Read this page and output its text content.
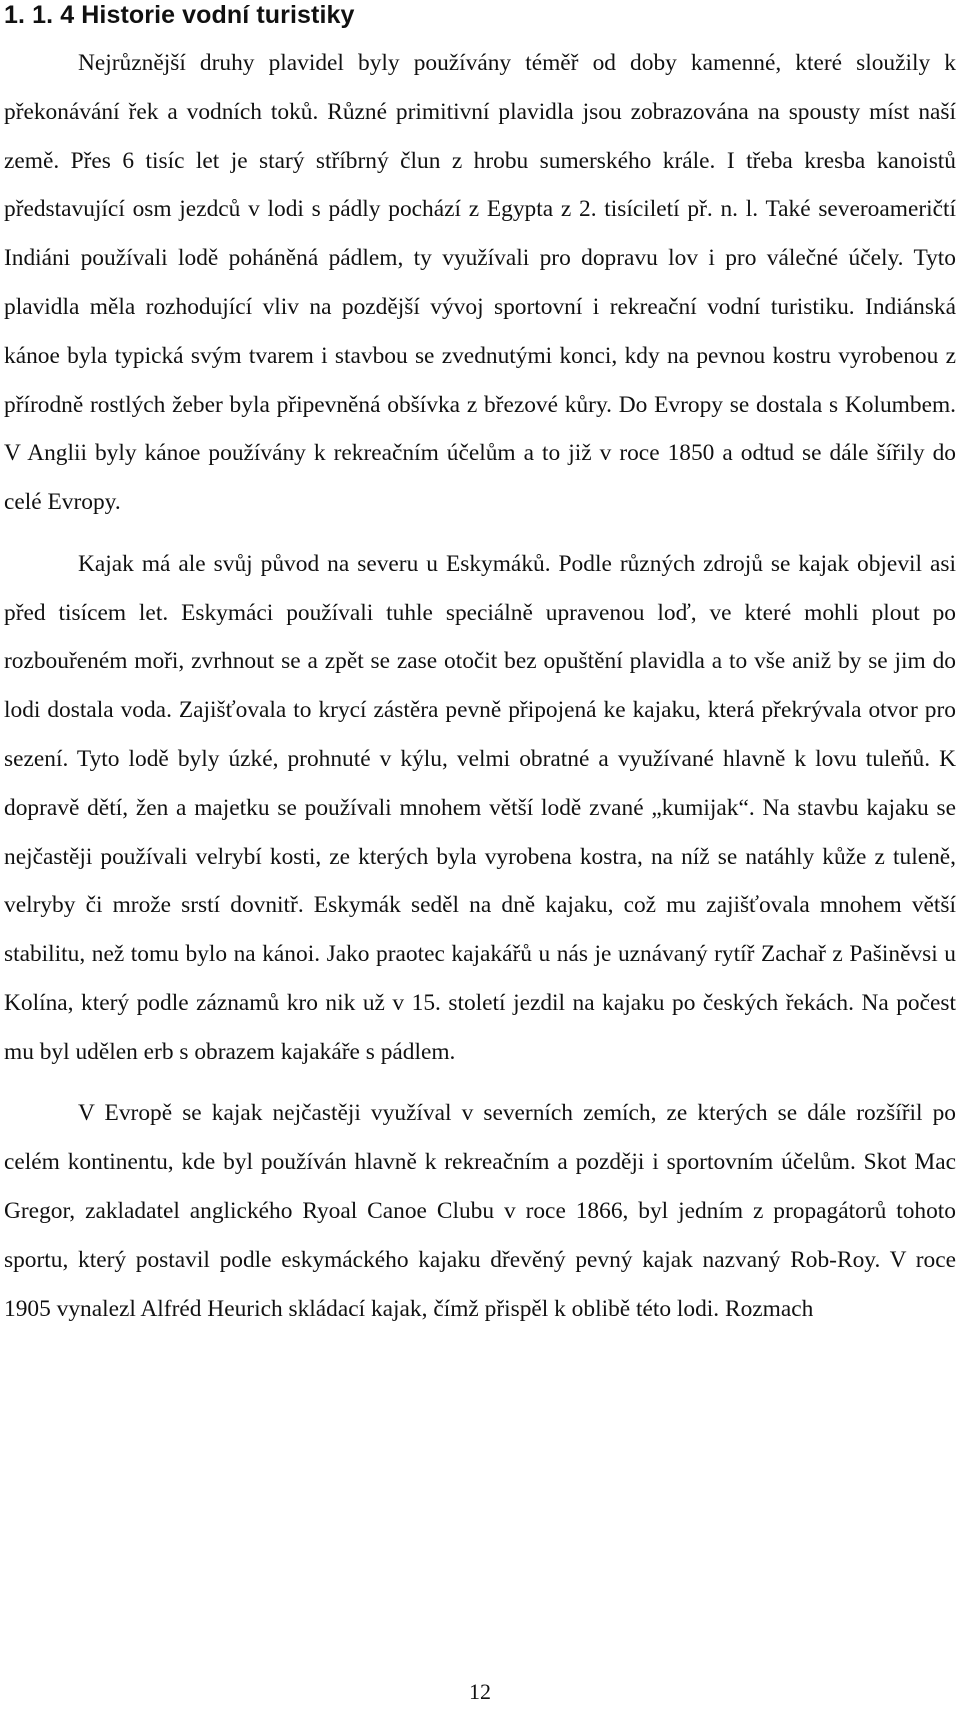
1. 1. 4 Historie vodní turistiky

Nejrůznější druhy plavidel byly používány téměř od doby kamenné, které sloužily k překonávání řek a vodních toků. Různé primitivní plavidla jsou zobrazována na spousty míst naší země. Přes 6 tisíc let je starý stříbrný člun z hrobu sumerského krále. I třeba kresba kanoistů představující osm jezdců v lodi s pádly pochází z Egypta z 2. tisíciletí př. n. l. Také severoameričtí Indiáni používali lodě poháněná pádlem, ty využívali pro dopravu lov i pro válečné účely. Tyto plavidla měla rozhodující vliv na pozdější vývoj sportovní i rekreační vodní turistiku. Indiánská kánoe byla typická svým tvarem i stavbou se zvednutými konci, kdy na pevnou kostru vyrobenou z přírodně rostlých žeber byla připevněná obšívka z březové kůry. Do Evropy se dostala s Kolumbem. V Anglii byly kánoe používány k rekreačním účelům a to již v roce 1850 a odtud se dále šířily do celé Evropy.

Kajak má ale svůj původ na severu u Eskymáků. Podle různých zdrojů se kajak objevil asi před tisícem let. Eskymáci používali tuhle speciálně upravenou loď, ve které mohli plout po rozbouřeném moři, zvrhnout se a zpět se zase otočit bez opuštění plavidla a to vše aniž by se jim do lodi dostala voda. Zajišťovala to krycí zástěra pevně připojená ke kajaku, která překrývala otvor pro sezení. Tyto lodě byly úzké, prohnuté v kýlu, velmi obratné a využívané hlavně k lovu tuleňů. K dopravě dětí, žen a majetku se používali mnohem větší lodě zvané „kumijak“. Na stavbu kajaku se nejčastěji používali velrybí kosti, ze kterých byla vyrobena kostra, na níž se natáhly kůže z tuleně, velryby či mrože srstí dovnitř. Eskymák seděl na dně kajaku, což mu zajišťovala mnohem větší stabilitu, než tomu bylo na kánoi. Jako praotec kajakářů u nás je uznávaný rytíř Zachař z Pašiněvsi u Kolína, který podle záznamů kro nik už v 15. století jezdil na kajaku po českých řekách. Na počest mu byl udělen erb s obrazem kajakáře s pádlem.

V Evropě se kajak nejčastěji využíval v severních zemích, ze kterých se dále rozšířil po celém kontinentu, kde byl používán hlavně k rekreačním a později i sportovním účelům. Skot Mac Gregor, zakladatel anglického Ryoal Canoe Clubu v roce 1866, byl jedním z propagátorů tohoto sportu, který postavil podle eskymáckého kajaku dřevěný pevný kajak nazvaný Rob-Roy. V roce 1905 vynalezl Alfréd Heurich skládací kajak, čímž přispěl k oblibě této lodi. Rozmach

12
